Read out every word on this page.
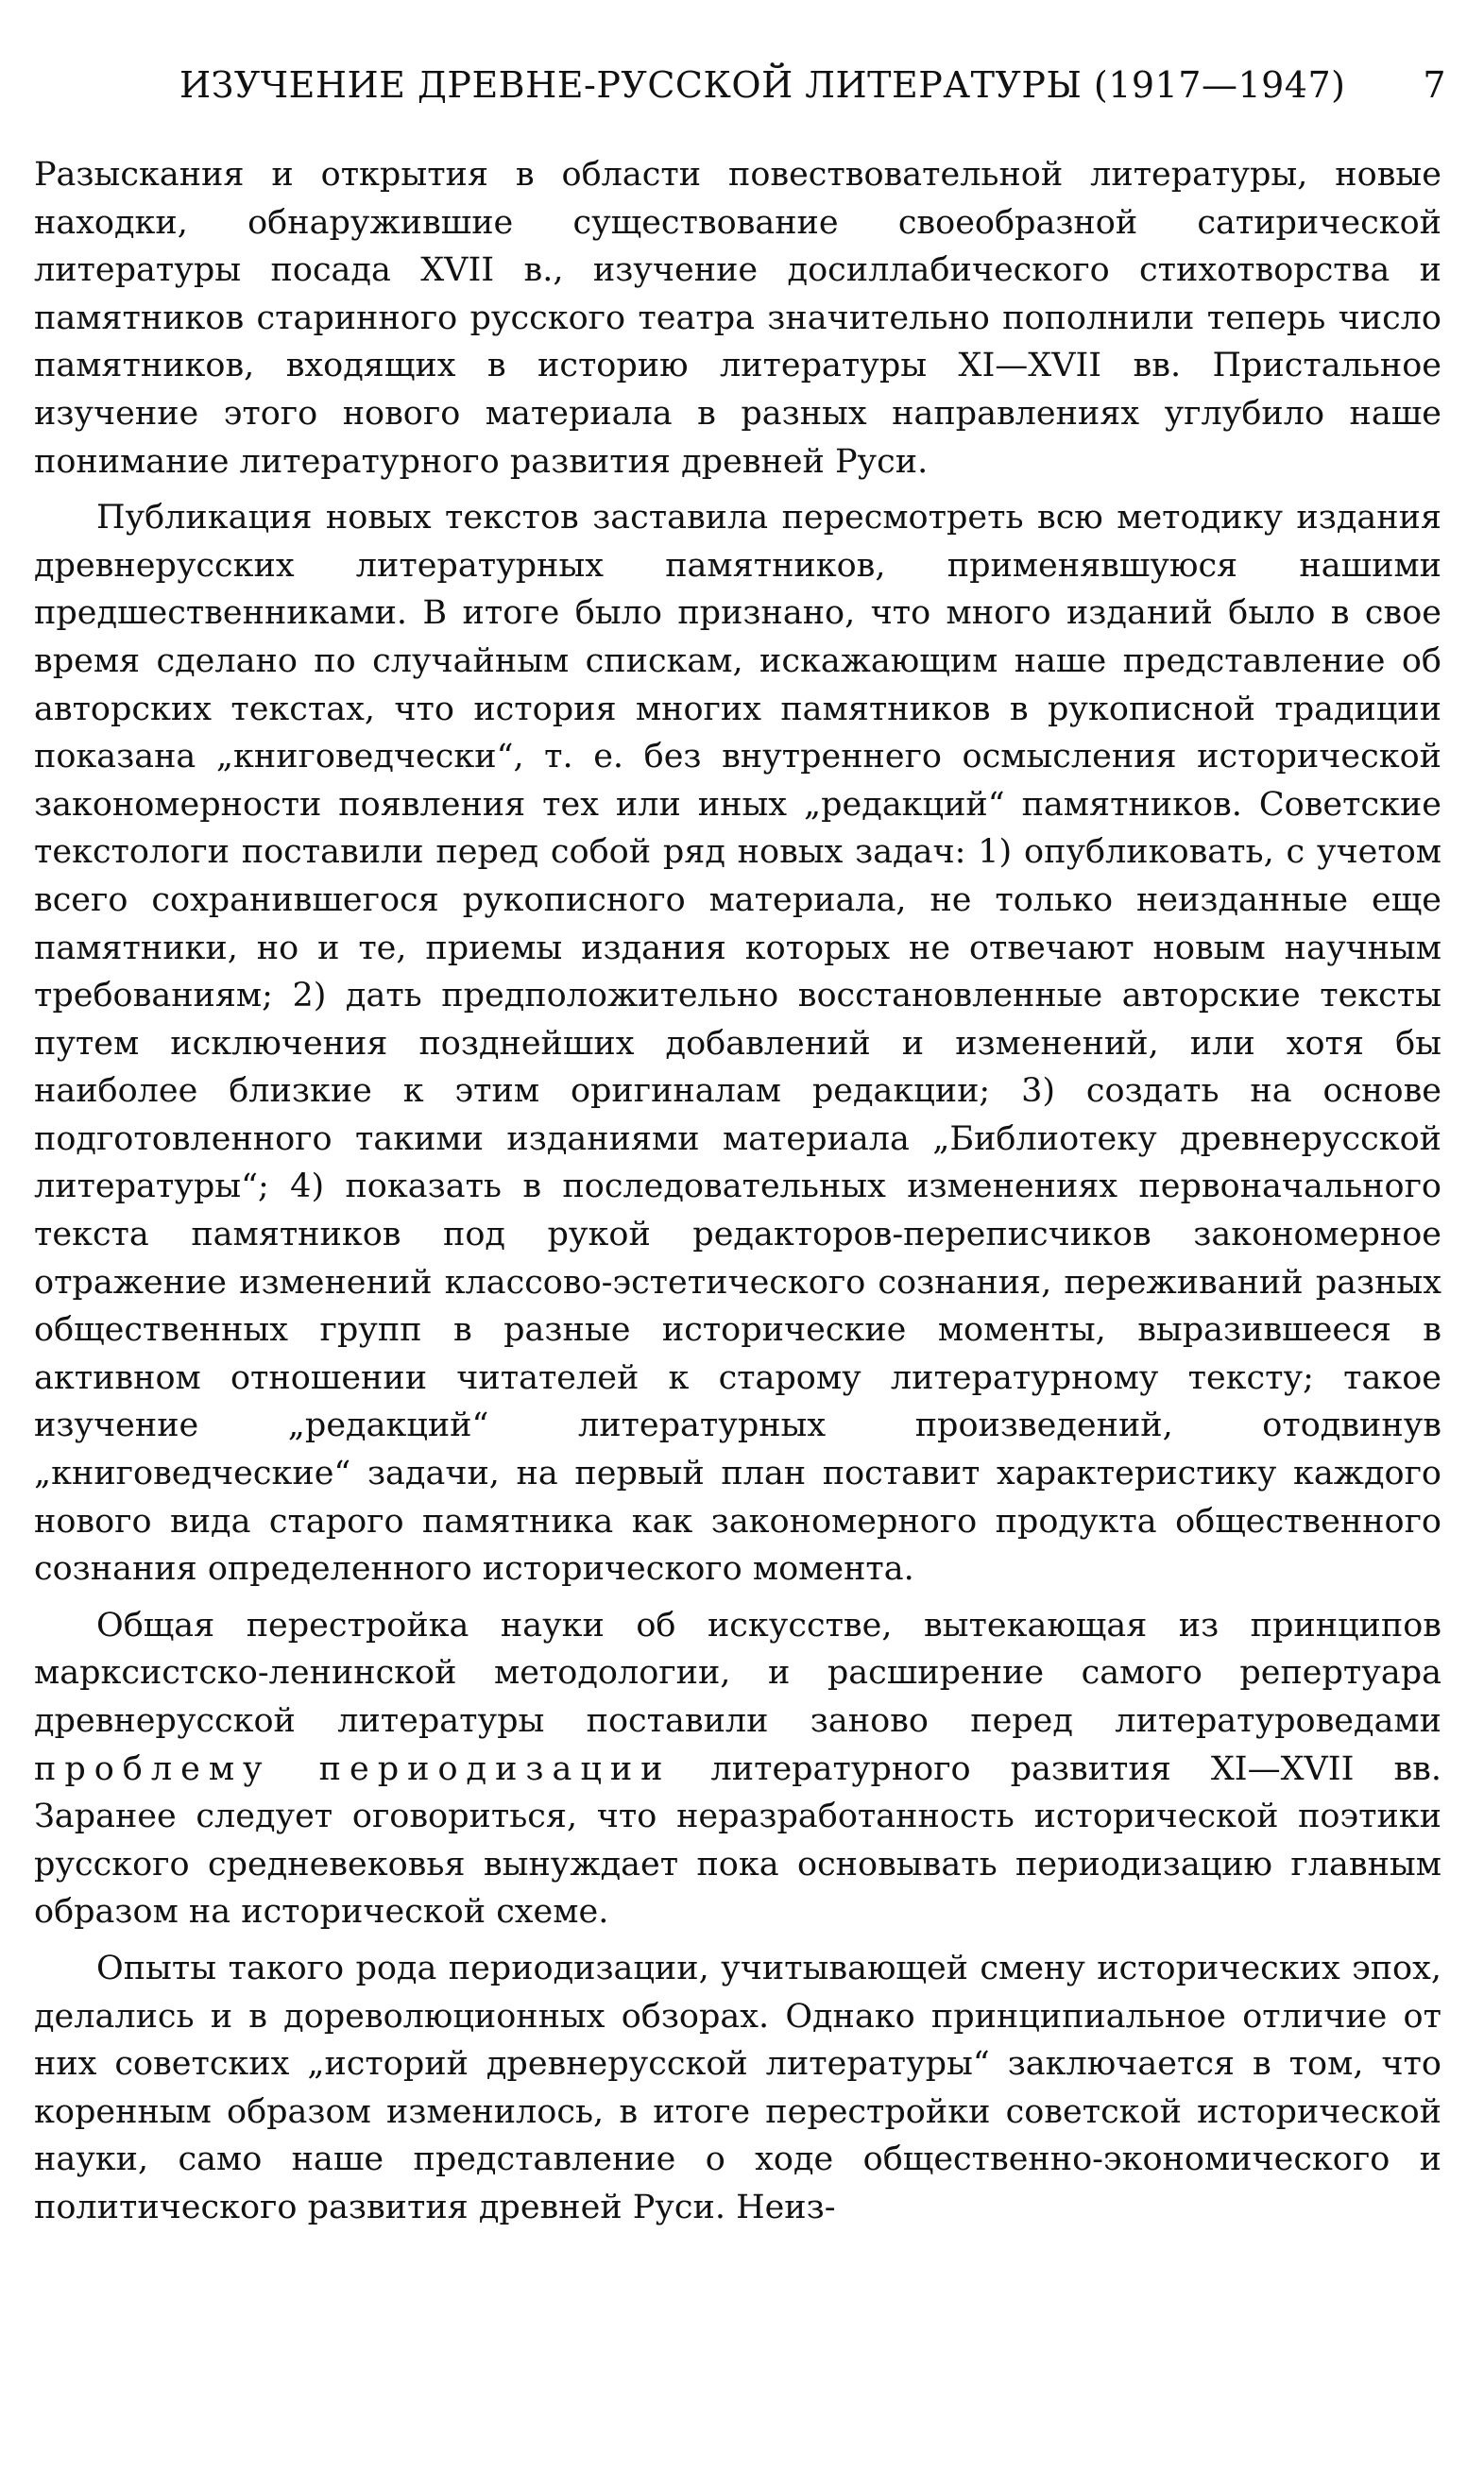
ИЗУЧЕНИЕ ДРЕВНЕ-РУССКОЙ ЛИТЕРАТУРЫ (1917—1947) 7

Разыскания и открытия в области повествовательной литературы, новые находки, обнаружившие существование своеобразной сатирической литературы посада XVII в., изучение досиллабического стихотворства и памятников старинного русского театра значительно пополнили теперь число памятников, входящих в историю литературы XI—XVII вв. Пристальное изучение этого нового материала в разных направлениях углубило наше понимание литературного развития древней Руси.

Публикация новых текстов заставила пересмотреть всю методику издания древнерусских литературных памятников, применявшуюся нашими предшественниками. В итоге было признано, что много изданий было в свое время сделано по случайным спискам, искажающим наше представление об авторских текстах, что история многих памятников в рукописной традиции показана „книговедчески“, т. е. без внутреннего осмысления исторической закономерности появления тех или иных „редакций“ памятников. Советские текстологи поставили перед собой ряд новых задач: 1) опубликовать, с учетом всего сохранившегося рукописного материала, не только неизданные еще памятники, но и те, приемы издания которых не отвечают новым научным требованиям; 2) дать предположительно восстановленные авторские тексты путем исключения позднейших добавлений и изменений, или хотя бы наиболее близкие к этим оригиналам редакции; 3) создать на основе подготовленного такими изданиями материала „Библиотеку древнерусской литературы“; 4) показать в последовательных изменениях первоначального текста памятников под рукой редакторов-переписчиков закономерное отражение изменений классово-эстетического сознания, переживаний разных общественных групп в разные исторические моменты, выразившееся в активном отношении читателей к старому литературному тексту; такое изучение „редакций“ литературных произведений, отодвинув „книговедческие“ задачи, на первый план поставит характеристику каждого нового вида старого памятника как закономерного продукта общественного сознания определенного исторического момента.

Общая перестройка науки об искусстве, вытекающая из принципов марксистско-ленинской методологии, и расширение самого репертуара древнерусской литературы поставили заново перед литературоведами проблему периодизации литературного развития XI—XVII вв. Заранее следует оговориться, что неразработанность исторической поэтики русского средневековья вынуждает пока основывать периодизацию главным образом на исторической схеме.

Опыты такого рода периодизации, учитывающей смену исторических эпох, делались и в дореволюционных обзорах. Однако принципиальное отличие от них советских „историй древнерусской литературы“ заключается в том, что коренным образом изменилось, в итоге перестройки советской исторической науки, само наше представление о ходе общественно-экономического и политического развития древней Руси. Неиз-
